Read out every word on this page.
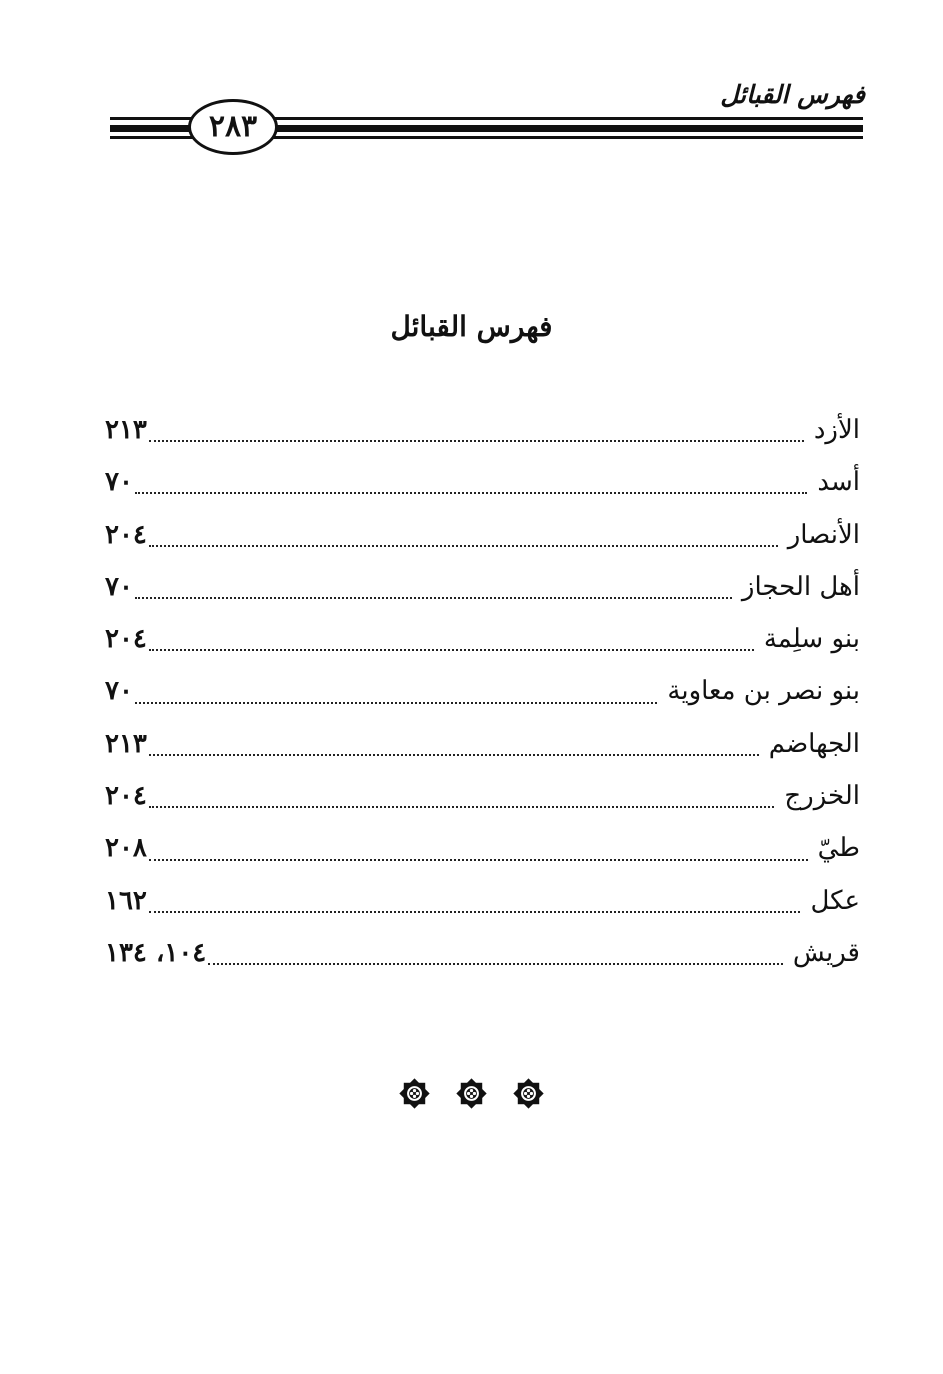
فهرس القبائل
٢٨٣
فهرس القبائل
الأزد
٢١٣
أسد
٧٠
الأنصار
٢٠٤
أهل الحجاز
٧٠
بنو سلِمة
٢٠٤
بنو نصر بن معاوية
٧٠
الجهاضم
٢١٣
الخزرج
٢٠٤
طيّ
٢٠٨
عكل
١٦٢
قريش
١٠٤، ١٣٤
